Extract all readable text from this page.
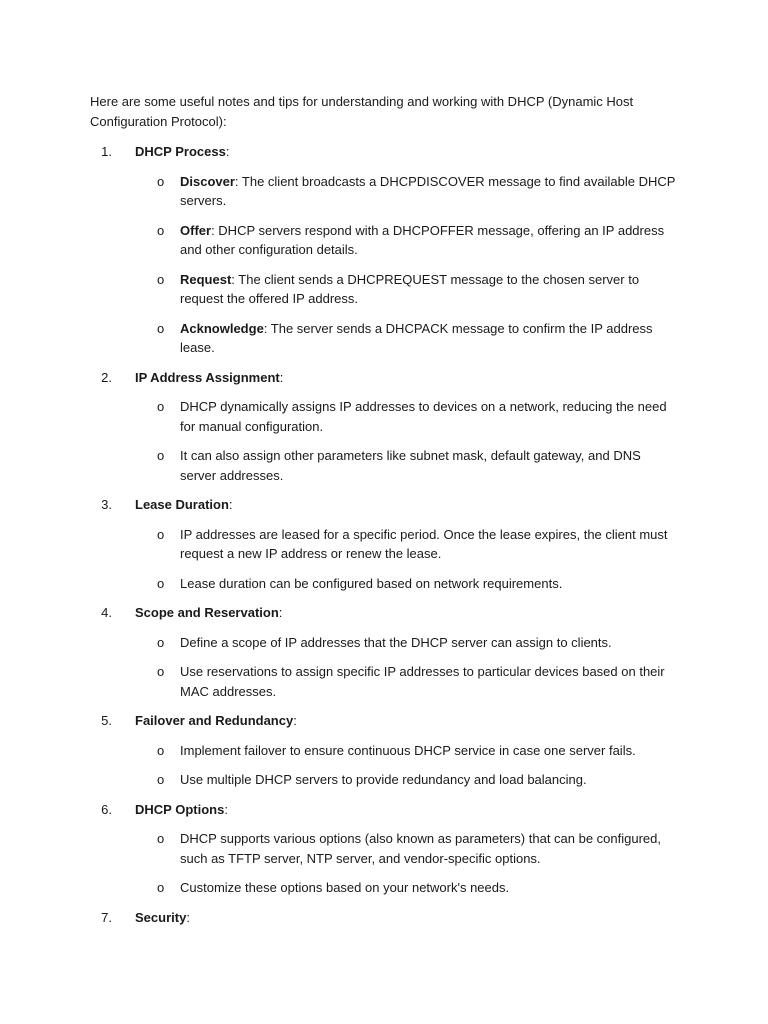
Here are some useful notes and tips for understanding and working with DHCP (Dynamic Host Configuration Protocol):

1. DHCP Process:
o	Discover: The client broadcasts a DHCPDISCOVER message to find available DHCP servers.
o	Offer: DHCP servers respond with a DHCPOFFER message, offering an IP address and other configuration details.
o	Request: The client sends a DHCPREQUEST message to the chosen server to request the offered IP address.
o	Acknowledge: The server sends a DHCPACK message to confirm the IP address lease.
2. IP Address Assignment:
o	DHCP dynamically assigns IP addresses to devices on a network, reducing the need for manual configuration.
o	It can also assign other parameters like subnet mask, default gateway, and DNS server addresses.
3. Lease Duration:
o	IP addresses are leased for a specific period. Once the lease expires, the client must request a new IP address or renew the lease.
o	Lease duration can be configured based on network requirements.
4. Scope and Reservation:
o	Define a scope of IP addresses that the DHCP server can assign to clients.
o	Use reservations to assign specific IP addresses to particular devices based on their MAC addresses.
5. Failover and Redundancy:
o	Implement failover to ensure continuous DHCP service in case one server fails.
o	Use multiple DHCP servers to provide redundancy and load balancing.
6. DHCP Options:
o	DHCP supports various options (also known as parameters) that can be configured, such as TFTP server, NTP server, and vendor-specific options.
o	Customize these options based on your network's needs.
7. Security:
